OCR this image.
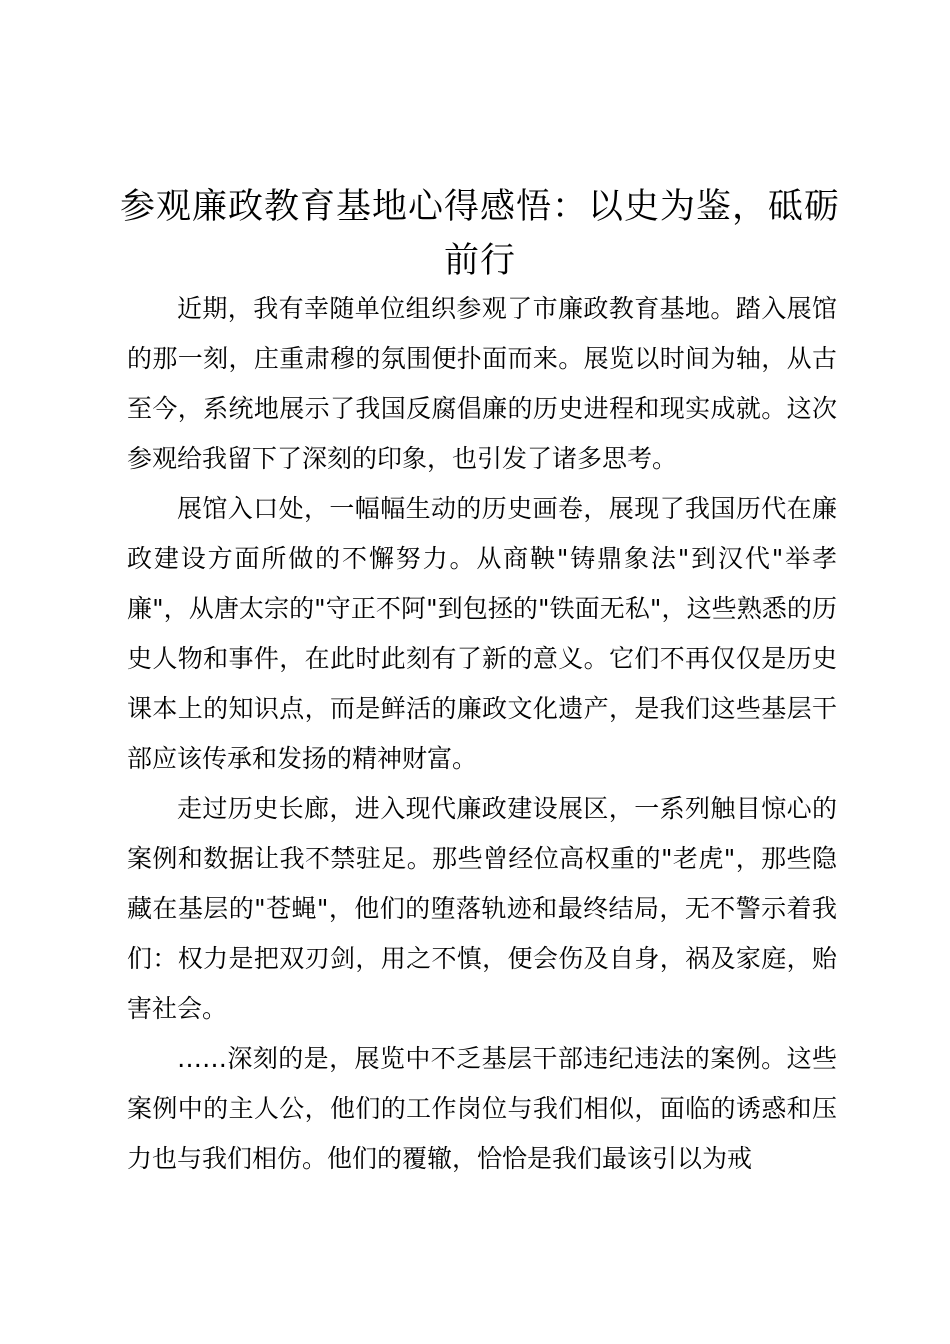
参观廉政教育基地心得感悟：以史为鉴，砥砺前行

近期，我有幸随单位组织参观了市廉政教育基地。踏入展馆的那一刻，庄重肃穆的氛围便扑面而来。展览以时间为轴，从古至今，系统地展示了我国反腐倡廉的历史进程和现实成就。这次参观给我留下了深刻的印象，也引发了诸多思考。

展馆入口处，一幅幅生动的历史画卷，展现了我国历代在廉政建设方面所做的不懈努力。从商鞅"铸鼎象法"到汉代"举孝廉"，从唐太宗的"守正不阿"到包拯的"铁面无私"，这些熟悉的历史人物和事件，在此时此刻有了新的意义。它们不再仅仅是历史课本上的知识点，而是鲜活的廉政文化遗产，是我们这些基层干部应该传承和发扬的精神财富。

走过历史长廊，进入现代廉政建设展区，一系列触目惊心的案例和数据让我不禁驻足。那些曾经位高权重的"老虎"，那些隐藏在基层的"苍蝇"，他们的堕落轨迹和最终结局，无不警示着我们：权力是把双刃剑，用之不慎，便会伤及自身，祸及家庭，贻害社会。

……深刻的是，展览中不乏基层干部违纪违法的案例。这些案例中的主人公，他们的工作岗位与我们相似，面临的诱惑和压力也与我们相仿。他们的覆辙，恰恰是我们最该引以为戒
